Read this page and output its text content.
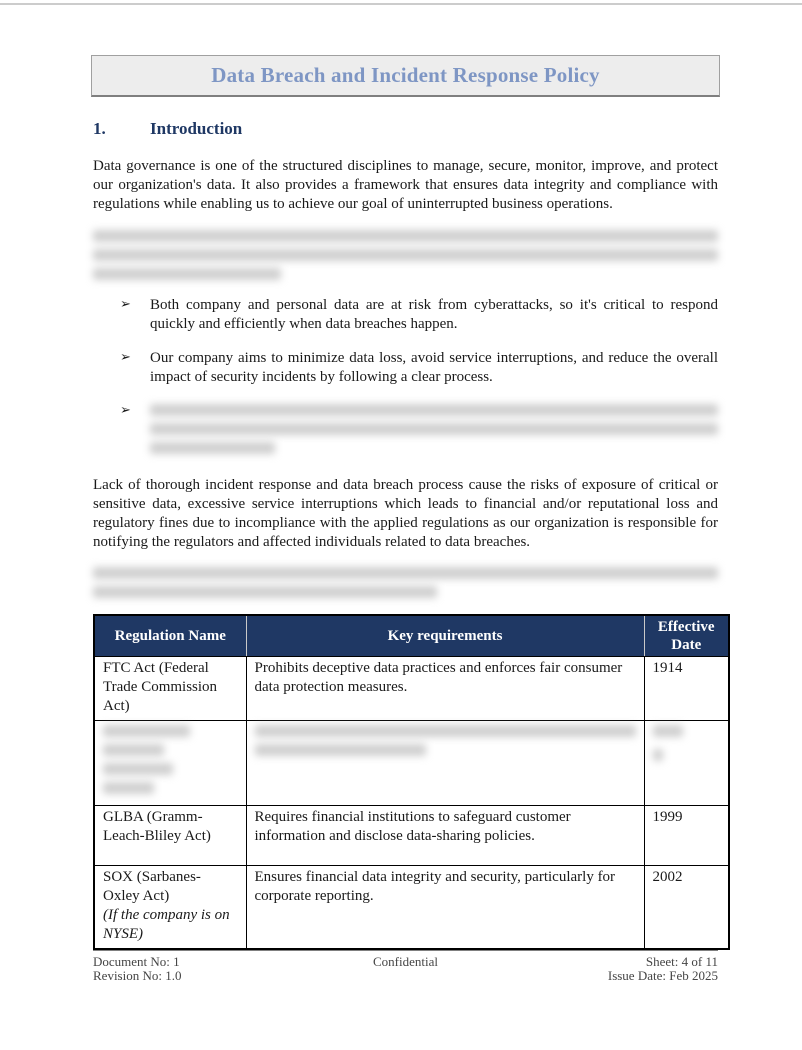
Data Breach and Incident Response Policy
1.	Introduction

Data governance is one of the structured disciplines to manage, secure, monitor, improve, and protect our organization's data. It also provides a framework that ensures data integrity and compliance with regulations while enabling us to achieve our goal of uninterrupted business operations.

➢	Both company and personal data are at risk from cyberattacks, so it's critical to respond quickly and efficiently when data breaches happen.
➢	Our company aims to minimize data loss, avoid service interruptions, and reduce the overall impact of security incidents by following a clear process.
➢

Lack of thorough incident response and data breach process cause the risks of exposure of critical or sensitive data, excessive service interruptions which leads to financial and/or reputational loss and regulatory fines due to incompliance with the applied regulations as our organization is responsible for notifying the regulators and affected individuals related to data breaches.

Regulation Name	Key requirements	Effective Date
FTC Act (Federal Trade Commission Act)	Prohibits deceptive data practices and enforces fair consumer data protection measures.	1914

GLBA (Gramm-Leach-Bliley Act)	Requires financial institutions to safeguard customer information and disclose data-sharing policies.	1999
SOX (Sarbanes-Oxley Act)
(If the company is on NYSE)	Ensures financial data integrity and security, particularly for corporate reporting.	2002
Document No: 1
Revision No: 1.0
Confidential	Sheet: 4 of 11
Issue Date: Feb 2025
